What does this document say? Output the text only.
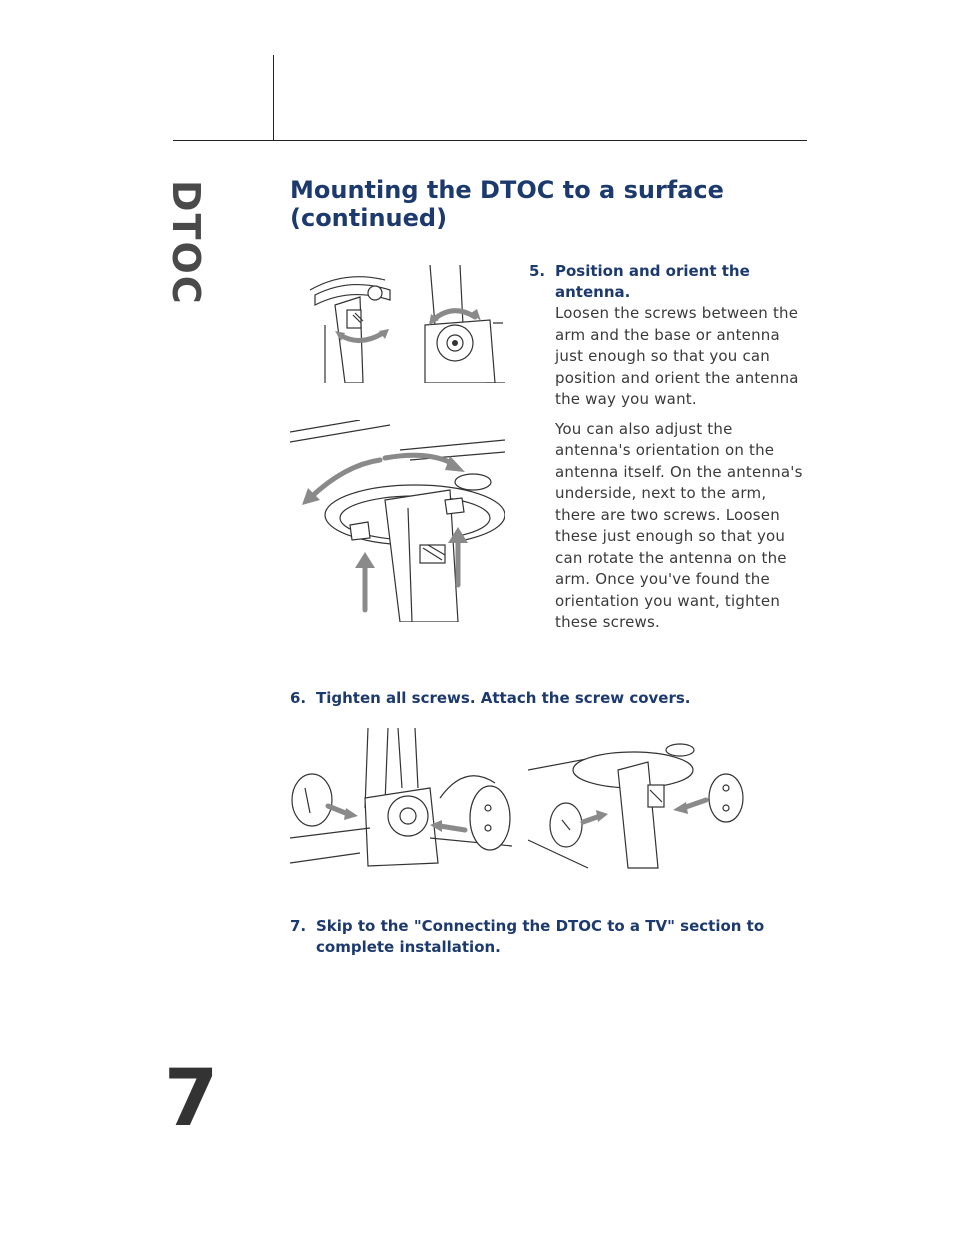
DTOC	Mounting the DTOC to a surface (continued)
5. Position and orient the antenna.

Loosen the screws between the arm and the base or antenna just enough so that you can position and orient the antenna the way you want.

You can also adjust the antenna's orientation on the antenna itself. On the antenna's underside, next to the arm, there are two screws. Loosen these just enough so that you can rotate the antenna on the arm. Once you've found the orientation you want, tighten these screws.

6. Tighten all screws. Attach the screw covers.
7. Skip to the "Connecting the DTOC to a TV" section to complete installation.
7
